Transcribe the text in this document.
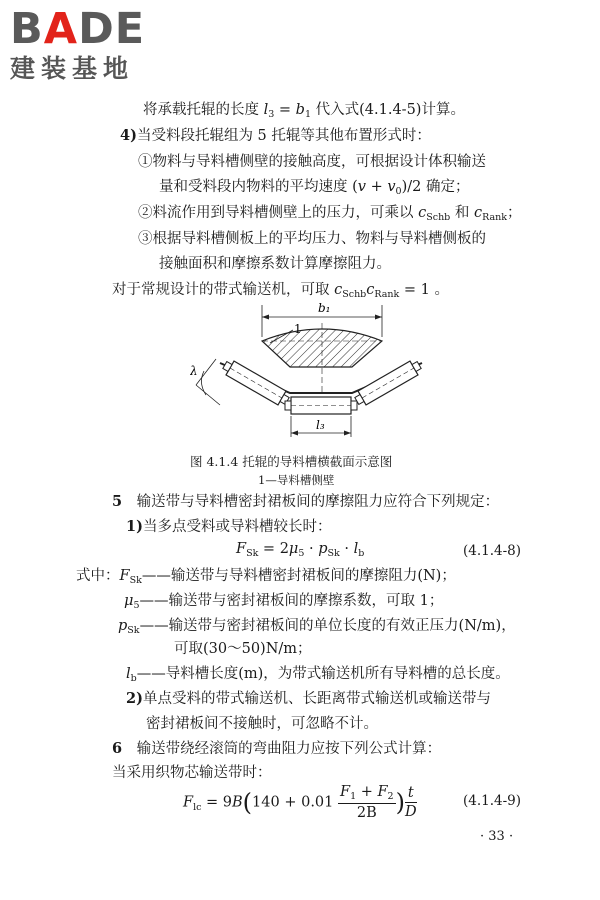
BADE
建装基地
将承载托辊的长度 $l_3 = b_1$ 代入式(4.1.4-5)计算。
4)当受料段托辊组为 5 托辊等其他布置形式时：
①物料与导料槽侧壁的接触高度，可根据设计体积输送
量和受料段内物料的平均速度 $(v + v_0)/2$ 确定；
②料流作用到导料槽侧壁上的压力，可乘以 $c_{Schb}$ 和 $c_{Rank}$；
③根据导料槽侧板上的平均压力、物料与导料槽侧板的
接触面积和摩擦系数计算摩擦阻力。
对于常规设计的带式输送机，可取 $c_{Schb}c_{Rank} = 1$ 。
b₁
1
λ
l₃
图 4.1.4 托辊的导料槽横截面示意图
1—导料槽侧壁
5　输送带与导料槽密封裙板间的摩擦阻力应符合下列规定：
1)当多点受料或导料槽较长时：
$F_{Sk} = 2\mu_5 \cdot p_{Sk} \cdot l_b$	(4.1.4-8)
式中：$F_{Sk}——$输送带与导料槽密封裙板间的摩擦阻力(N)；
$\mu_5——$输送带与密封裙板间的摩擦系数，可取 1；
$p_{Sk}——$输送带与密封裙板间的单位长度的有效正压力(N/m)，
可取(30～50)N/m；
$l_b——$导料槽长度(m)，为带式输送机所有导料槽的总长度。
2)单点受料的带式输送机、长距离带式输送机或输送带与
密封裙板间不接触时，可忽略不计。
6　输送带绕经滚筒的弯曲阻力应按下列公式计算：
当采用织物芯输送带时：
$F_{lc} = 9B(140 + 0.01 \frac{F_1 + F_2}{2B}$ ) $\frac{t}{D}$	(4.1.4-9)
· 33 ·
